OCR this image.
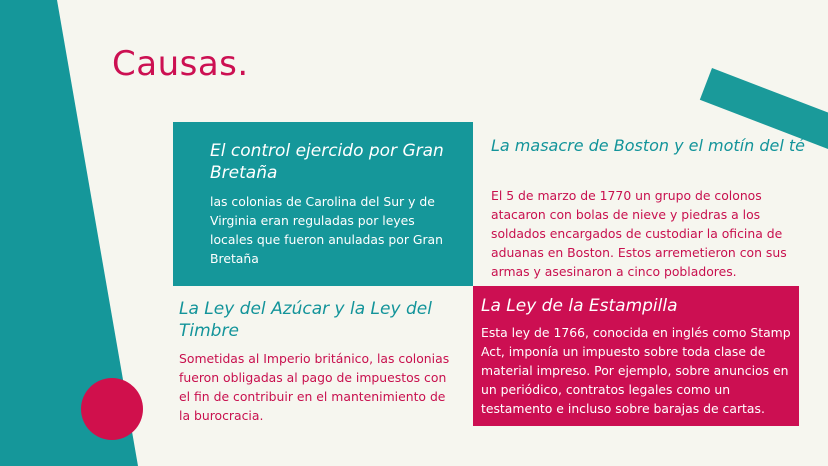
Causas.
El control ejercido por Gran Bretaña

las colonias de Carolina del Sur y de Virginia eran reguladas por leyes locales que fueron anuladas por Gran Bretaña

La masacre de Boston y el motín del té

El 5 de marzo de 1770 un grupo de colonos atacaron con bolas de nieve y piedras a los soldados encargados de custodiar la oficina de aduanas en Boston. Estos arremetieron con sus armas y asesinaron a cinco pobladores.

La Ley del Azúcar y la Ley del Timbre

Sometidas al Imperio británico, las colonias fueron obligadas al pago de impuestos con el fin de contribuir en el mantenimiento de la burocracia.

La Ley de la Estampilla

Esta ley de 1766, conocida en inglés como Stamp Act, imponía un impuesto sobre toda clase de material impreso. Por ejemplo, sobre anuncios en un periódico, contratos legales como un testamento e incluso sobre barajas de cartas.
